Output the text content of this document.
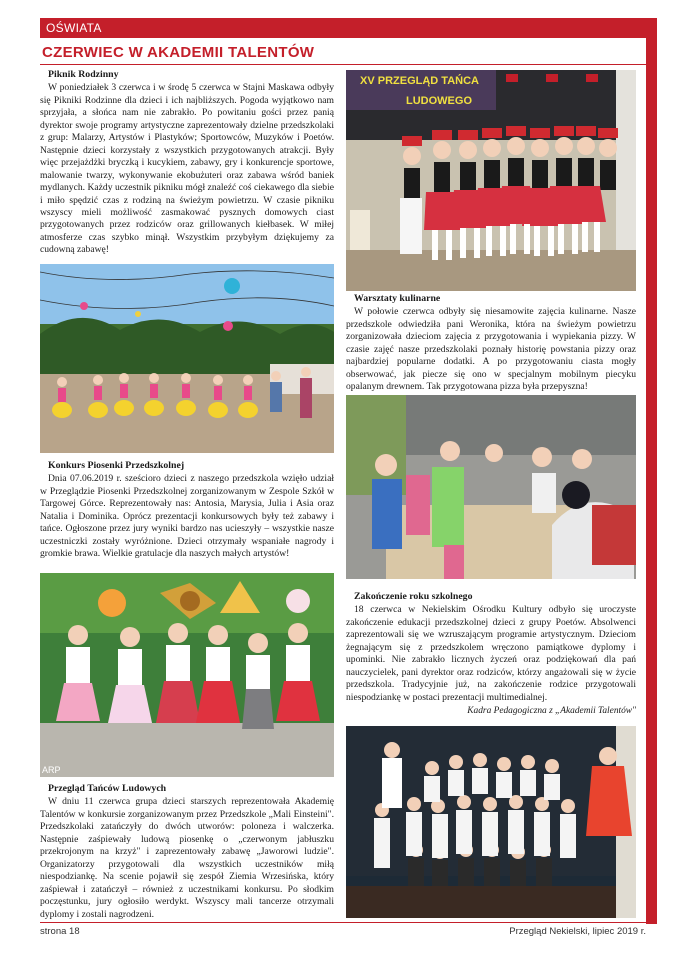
OŚWIATA
CZERWIEC W AKADEMII TALENTÓW
Piknik Rodzinny

W poniedziałek 3 czerwca i w środę 5 czerwca w Stajni Maskawa odbyły się Pikniki Rodzinne dla dzieci i ich najbliższych. Pogoda wyjątkowo nam sprzyjała, a słońca nam nie zabrakło. Po powitaniu gości przez panią dyrektor swoje programy artystyczne zaprezentowały dzielne przedszkolaki z grup: Malarzy, Artystów i Plastyków; Sportowców, Muzyków i Poetów. Następnie dzieci korzystały z wszystkich przygotowanych atrakcji. Były więc przejażdżki bryczką i kucykiem, zabawy, gry i konkurencje sportowe, malowanie twarzy, wykonywanie ekobużuteri oraz zabawa wśród baniek mydlanych. Każdy uczestnik pikniku mógł znaleźć coś ciekawego dla siebie i miło spędzić czas z rodziną na świeżym powietrzu. W czasie pikniku wszyscy mieli możliwość zasmakować pysznych domowych ciast przygotowanych przez rodziców oraz grillowanych kiełbasek. W miłej atmosferze czas szybko minął. Wszystkim przybyłym dziękujemy za cudowną zabawę!

Konkurs Piosenki Przedszkolnej

Dnia 07.06.2019 r. sześcioro dzieci z naszego przedszkola wzięło udział w Przeglądzie Piosenki Przedszkolnej zorganizowanym w Zespole Szkół w Targowej Górce. Reprezentowały nas: Antosia, Marysia, Julia i Asia oraz Natalia i Dominika. Oprócz prezentacji konkursowych były też zabawy i tańce. Ogłoszone przez jury wyniki bardzo nas ucieszyły – wszystkie nasze uczestniczki zostały wyróżnione. Dzieci otrzymały wspaniałe nagrody i gromkie brawa. Wielkie gratulacje dla naszych małych artystów!

ARP
Przegląd Tańców Ludowych

W dniu 11 czerwca grupa dzieci starszych reprezentowała Akademię Talentów w konkursie zorganizowanym przez Przedszkole „Mali Einsteini". Przedszkolaki zatańczyły do dwóch utworów: poloneza i walczerka. Następnie zaśpiewały ludową piosenkę o „czerwonym jabłuszku przekrojonym na krzyż" i zaprezentowały zabawę „Jaworowi ludzie". Organizatorzy przygotowali dla wszystkich uczestników miłą niespodziankę. Na scenie pojawił się zespół Ziemia Wrzesińska, który zaśpiewał i zatańczył – również z uczestnikami konkursu. Po słodkim poczęstunku, jury ogłosiło werdykt. Wszyscy mali tancerze otrzymali dyplomy i zostali nagrodzeni.

XV PRZEGLĄD TAŃCA
LUDOWEGO
Warsztaty kulinarne

W połowie czerwca odbyły się niesamowite zajęcia kulinarne. Nasze przedszkole odwiedziła pani Weronika, która na świeżym powietrzu zorganizowała dzieciom zajęcia z przygotowania i wypiekania pizzy. W czasie zajęć nasze przedszkolaki poznały historię powstania pizzy oraz najbardziej popularne dodatki. A po przygotowaniu ciasta mogły obserwować, jak piecze się ono w specjalnym mobilnym piecyku opalanym drewnem. Tak przygotowana pizza była przepyszna!

Zakończenie roku szkolnego

18 czerwca w Nekielskim Ośrodku Kultury odbyło się uroczyste zakończenie edukacji przedszkolnej dzieci z grupy Poetów. Absolwenci zaprezentowali się we wzruszającym programie artystycznym. Dzieciom żegnającym się z przedszkolem wręczono pamiątkowe dyplomy i upominki. Nie zabrakło licznych życzeń oraz podziękowań dla pań nauczycielek, pani dyrektor oraz rodziców, którzy angażowali się w życie przedszkola. Tradycyjnie już, na zakończenie rodzice przygotowali niespodziankę w postaci prezentacji multimedialnej.

Kadra Pedagogiczna z „Akademii Talentów"

strona 18	Przegląd Nekielski, lipiec 2019 r.
